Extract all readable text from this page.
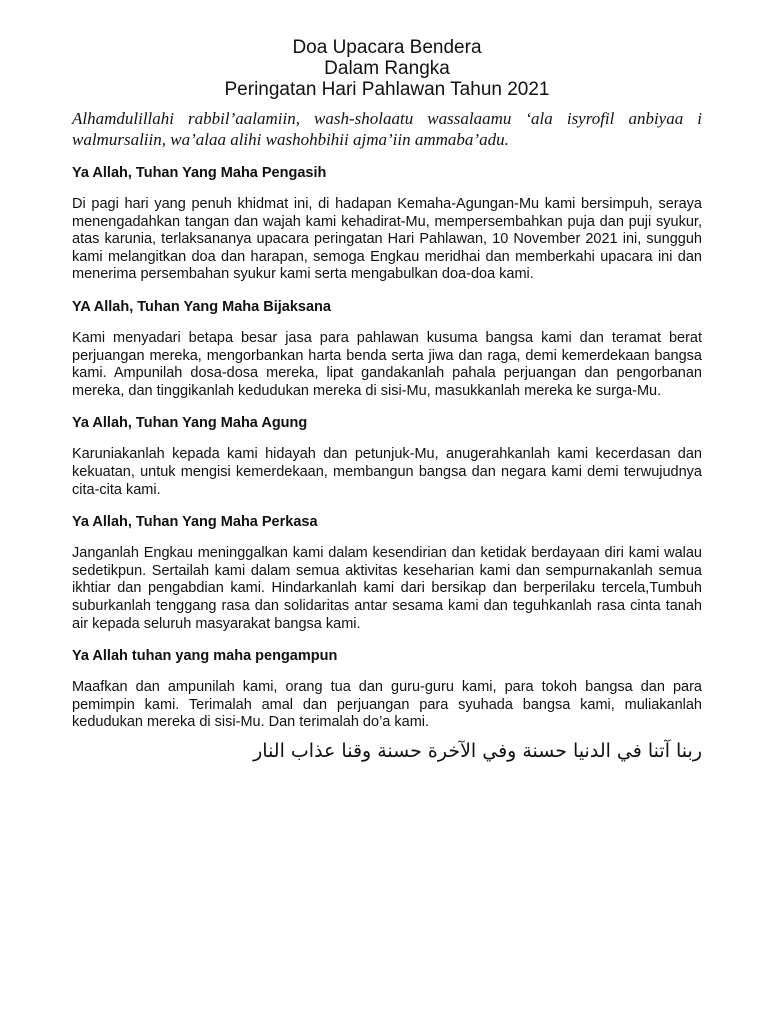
Doa Upacara Bendera
Dalam Rangka
Peringatan Hari Pahlawan Tahun 2021

Alhamdulillahi rabbil’aalamiin, wash-sholaatu wassalaamu ‘ala isyrofil anbiyaa i walmursaliin, wa’alaa alihi washohbihii ajma’iin ammaba’adu.

Ya Allah, Tuhan Yang Maha Pengasih

Di pagi hari yang penuh khidmat ini, di hadapan Kemaha-Agungan-Mu kami bersimpuh, seraya menengadahkan tangan dan wajah kami kehadirat-Mu, mempersembahkan puja dan puji syukur, atas karunia, terlaksananya upacara peringatan Hari Pahlawan, 10 November 2021 ini, sungguh kami melangitkan doa dan harapan, semoga Engkau meridhai dan memberkahi upacara ini dan menerima persembahan syukur kami serta mengabulkan doa-doa kami.

YA Allah, Tuhan Yang Maha Bijaksana

Kami menyadari betapa besar jasa para pahlawan kusuma bangsa kami dan teramat berat perjuangan mereka, mengorbankan harta benda serta jiwa dan raga, demi kemerdekaan bangsa kami. Ampunilah dosa-dosa mereka, lipat gandakanlah pahala perjuangan dan pengorbanan mereka, dan tinggikanlah kedudukan mereka di sisi-Mu, masukkanlah mereka ke surga-Mu.

Ya Allah, Tuhan Yang Maha Agung

Karuniakanlah kepada kami hidayah dan petunjuk-Mu, anugerahkanlah kami kecerdasan dan kekuatan, untuk mengisi kemerdekaan, membangun bangsa dan negara kami demi terwujudnya cita-cita kami.

Ya Allah, Tuhan Yang Maha Perkasa

Janganlah Engkau meninggalkan kami dalam kesendirian dan ketidak berdayaan diri kami walau sedetikpun. Sertailah kami dalam semua aktivitas keseharian kami dan sempurnakanlah semua ikhtiar dan pengabdian kami. Hindarkanlah kami dari bersikap dan berperilaku tercela,Tumbuh suburkanlah tenggang rasa dan solidaritas antar sesama kami dan teguhkanlah rasa cinta tanah air kepada seluruh masyarakat bangsa kami.

Ya Allah tuhan yang maha pengampun

Maafkan dan ampunilah kami, orang tua dan guru-guru kami, para tokoh bangsa dan para pemimpin kami. Terimalah amal dan perjuangan para syuhada bangsa kami, muliakanlah kedudukan mereka di sisi-Mu. Dan terimalah do’a kami.

ربنا آتنا في الدنيا حسنة وفي الآخرة حسنة وقنا عذاب النار
